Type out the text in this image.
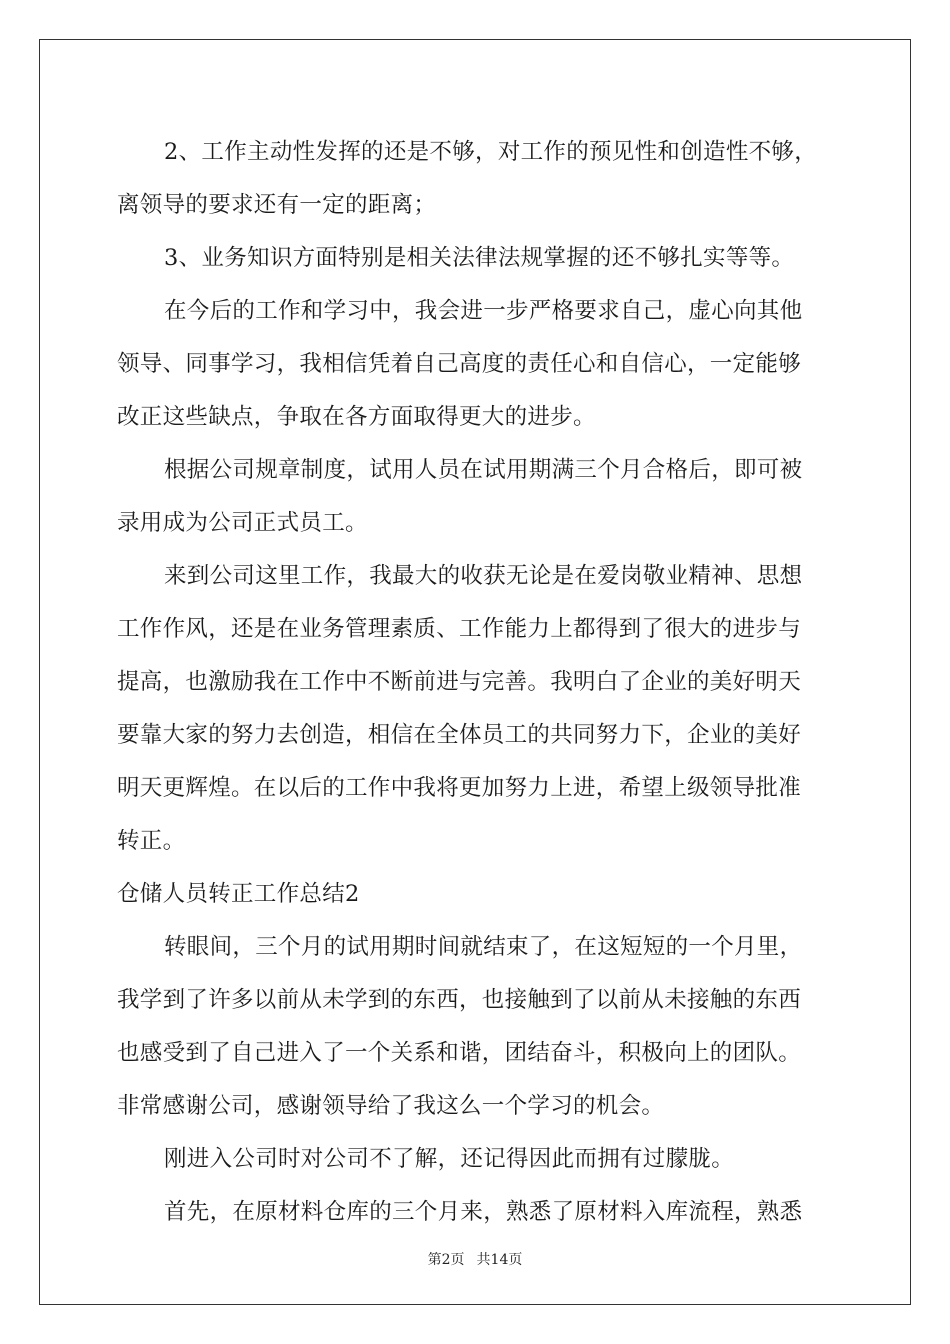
2、工作主动性发挥的还是不够，对工作的预见性和创造性不够，
离领导的要求还有一定的距离；
3、业务知识方面特别是相关法律法规掌握的还不够扎实等等。
在今后的工作和学习中，我会进一步严格要求自己，虚心向其他
领导、同事学习，我相信凭着自己高度的责任心和自信心，一定能够
改正这些缺点，争取在各方面取得更大的进步。
根据公司规章制度，试用人员在试用期满三个月合格后，即可被
录用成为公司正式员工。
来到公司这里工作，我最大的收获无论是在爱岗敬业精神、思想
工作作风，还是在业务管理素质、工作能力上都得到了很大的进步与
提高，也激励我在工作中不断前进与完善。我明白了企业的美好明天
要靠大家的努力去创造，相信在全体员工的共同努力下，企业的美好
明天更辉煌。在以后的工作中我将更加努力上进，希望上级领导批准
转正。
仓储人员转正工作总结2
转眼间，三个月的试用期时间就结束了，在这短短的一个月里，
我学到了许多以前从未学到的东西，也接触到了以前从未接触的东西
也感受到了自己进入了一个关系和谐，团结奋斗，积极向上的团队。
非常感谢公司，感谢领导给了我这么一个学习的机会。
刚进入公司时对公司不了解，还记得因此而拥有过朦胧。
首先，在原材料仓库的三个月来，熟悉了原材料入库流程，熟悉
第2页 共14页
